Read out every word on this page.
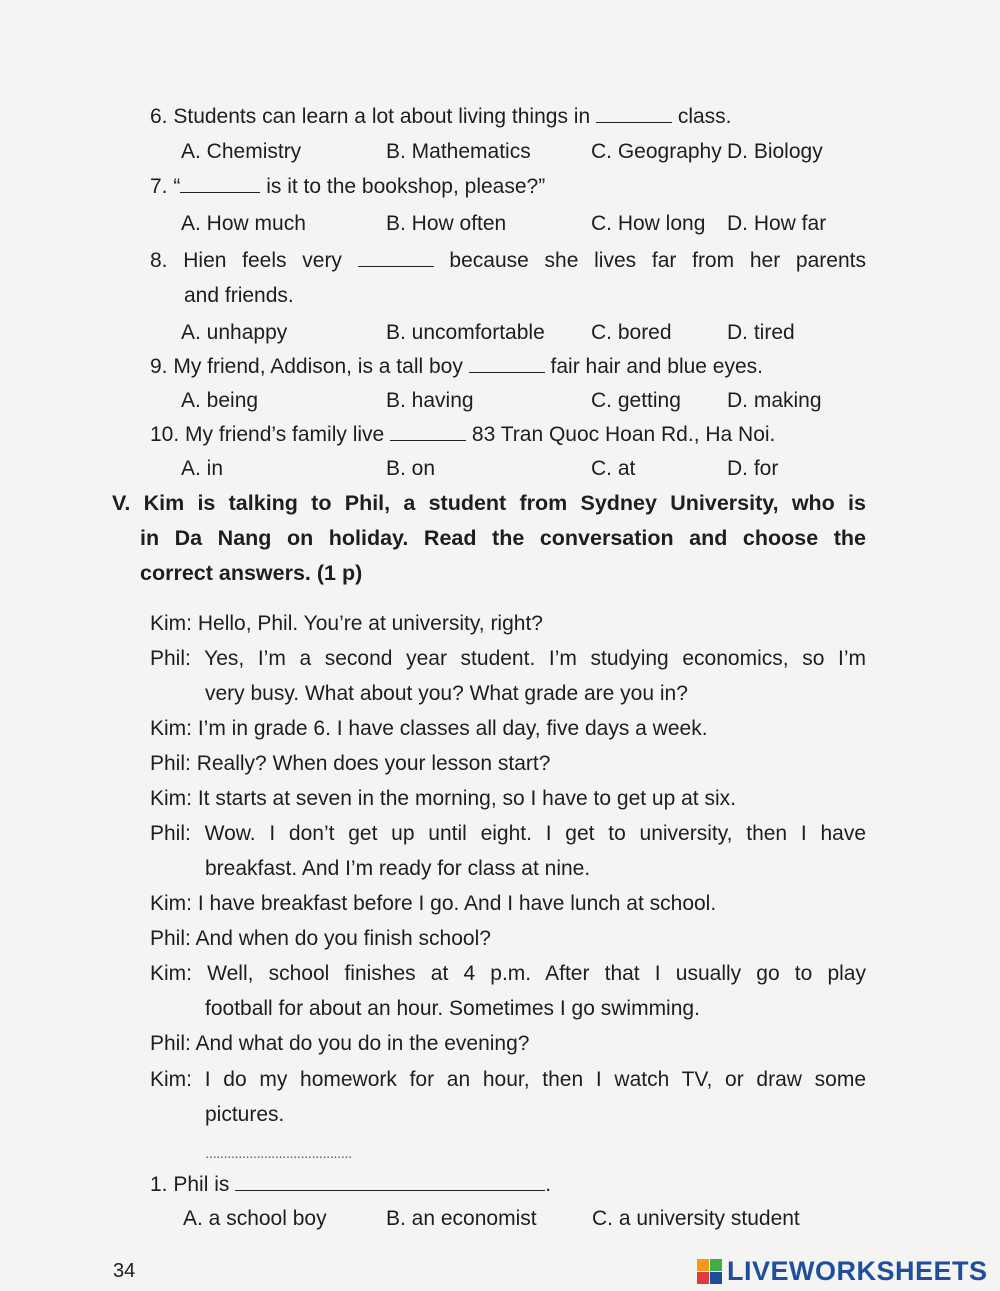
6. Students can learn a lot about living things in	class.
A. Chemistry	B. Mathematics	C. Geography D. Biology
7. “	is it to the bookshop, please?”
A. How much	B. How often	C. How long D. How far
8. Hien feels very	because she lives far from her parents
and friends.
A. unhappy	B. uncomfortable C. bored	D. tired
9. My friend, Addison, is a tall boy	fair hair and blue eyes.
A. being	B. having	C. getting D. making
10. My friend’s family live	83 Tran Quoc Hoan Rd., Ha Noi.
A. in	B. on	C. at	D. for
V. Kim is talking to Phil, a student from Sydney University, who is
in Da Nang on holiday. Read the conversation and choose the
correct answers. (1 p)
Kim: Hello, Phil. You’re at university, right?
Phil: Yes, I’m a second year student. I’m studying economics, so I’m
very busy. What about you? What grade are you in?
Kim: I’m in grade 6. I have classes all day, five days a week.
Phil: Really? When does your lesson start?
Kim: It starts at seven in the morning, so I have to get up at six.
Phil: Wow. I don’t get up until eight. I get to university, then I have
breakfast. And I’m ready for class at nine.
Kim: I have breakfast before I go. And I have lunch at school.
Phil: And when do you finish school?
Kim: Well, school finishes at 4 p.m. After that I usually go to play
football for about an hour. Sometimes I go swimming.
Phil: And what do you do in the evening?
Kim: I do my homework for an hour, then I watch TV, or draw some
pictures.
········································
1. Phil is	.
A. a school boy	B. an economist	C. a university student
34	LIVEWORKSHEETS
